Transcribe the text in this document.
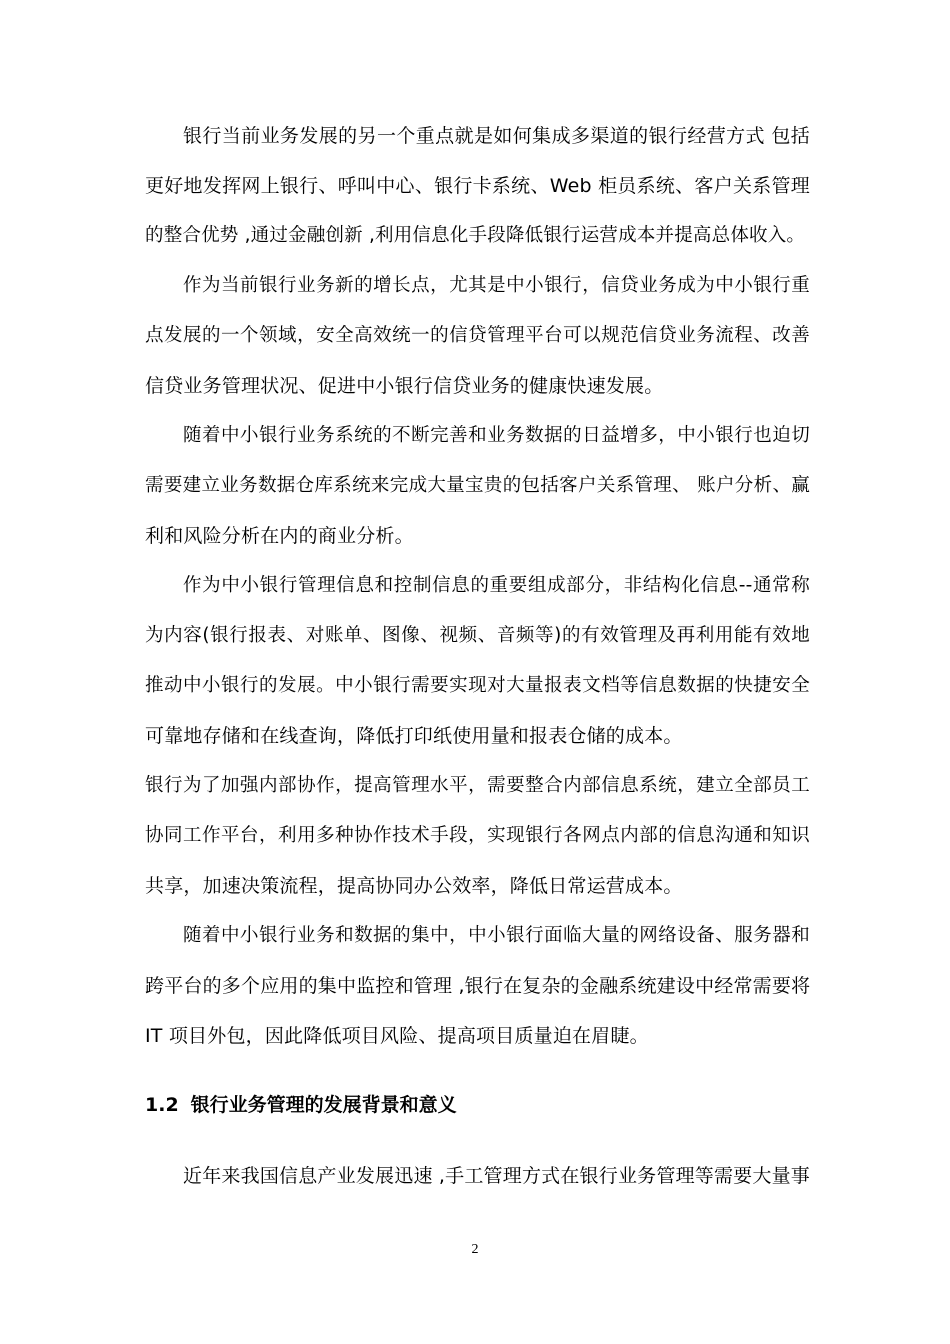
银行当前业务发展的另一个重点就是如何集成多渠道的银行经营方式 包括
更好地发挥网上银行、呼叫中心、银行卡系统、Web 柜员系统、客户关系管理
的整合优势 ,通过金融创新 ,利用信息化手段降低银行运营成本并提高总体收入。
作为当前银行业务新的增长点，尤其是中小银行，信贷业务成为中小银行重
点发展的一个领域，安全高效统一的信贷管理平台可以规范信贷业务流程、改善
信贷业务管理状况、促进中小银行信贷业务的健康快速发展。
随着中小银行业务系统的不断完善和业务数据的日益增多，中小银行也迫切
需要建立业务数据仓库系统来完成大量宝贵的包括客户关系管理、 账户分析、赢
利和风险分析在内的商业分析。
作为中小银行管理信息和控制信息的重要组成部分，非结构化信息--通常称
为内容(银行报表、对账单、图像、视频、音频等)的有效管理及再利用能有效地
推动中小银行的发展。中小银行需要实现对大量报表文档等信息数据的快捷安全
可靠地存储和在线查询，降低打印纸使用量和报表仓储的成本。
银行为了加强内部协作，提高管理水平，需要整合内部信息系统，建立全部员工
协同工作平台，利用多种协作技术手段，实现银行各网点内部的信息沟通和知识
共享，加速决策流程，提高协同办公效率，降低日常运营成本。
随着中小银行业务和数据的集中，中小银行面临大量的网络设备、服务器和
跨平台的多个应用的集中监控和管理 ,银行在复杂的金融系统建设中经常需要将
IT 项目外包，因此降低项目风险、提高项目质量迫在眉睫。
1.2 银行业务管理的发展背景和意义
近年来我国信息产业发展迅速 ,手工管理方式在银行业务管理等需要大量事
2
